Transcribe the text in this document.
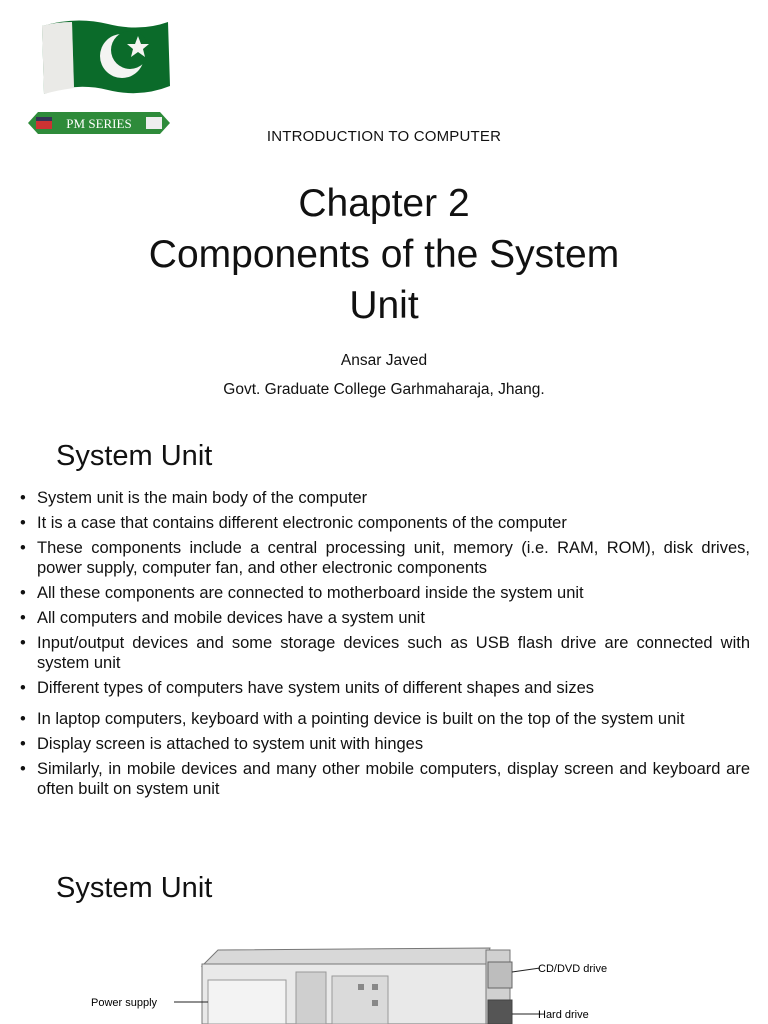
PM SERIES
INTRODUCTION TO COMPUTER
Chapter 2
Components of the System
Unit
Ansar Javed
Govt. Graduate College Garhmaharaja, Jhang.
System Unit
• System unit is the main body of the computer
• It is a case that contains different electronic components of the computer
• These components include a central processing unit, memory (i.e. RAM, ROM), disk drives, power supply, computer fan, and other electronic components
• All these components are connected to motherboard inside the system unit
• All computers and mobile devices have a system unit
• Input/output devices and some storage devices such as USB flash drive are connected with system unit
• Different types of computers have system units of different shapes and sizes
• In laptop computers, keyboard with a pointing device is built on the top of the system unit
• Display screen is attached to system unit with hinges
• Similarly, in mobile devices and many other mobile computers, display screen and keyboard are often built on system unit
System Unit
Power supply
CD/DVD drive
Hard drive
